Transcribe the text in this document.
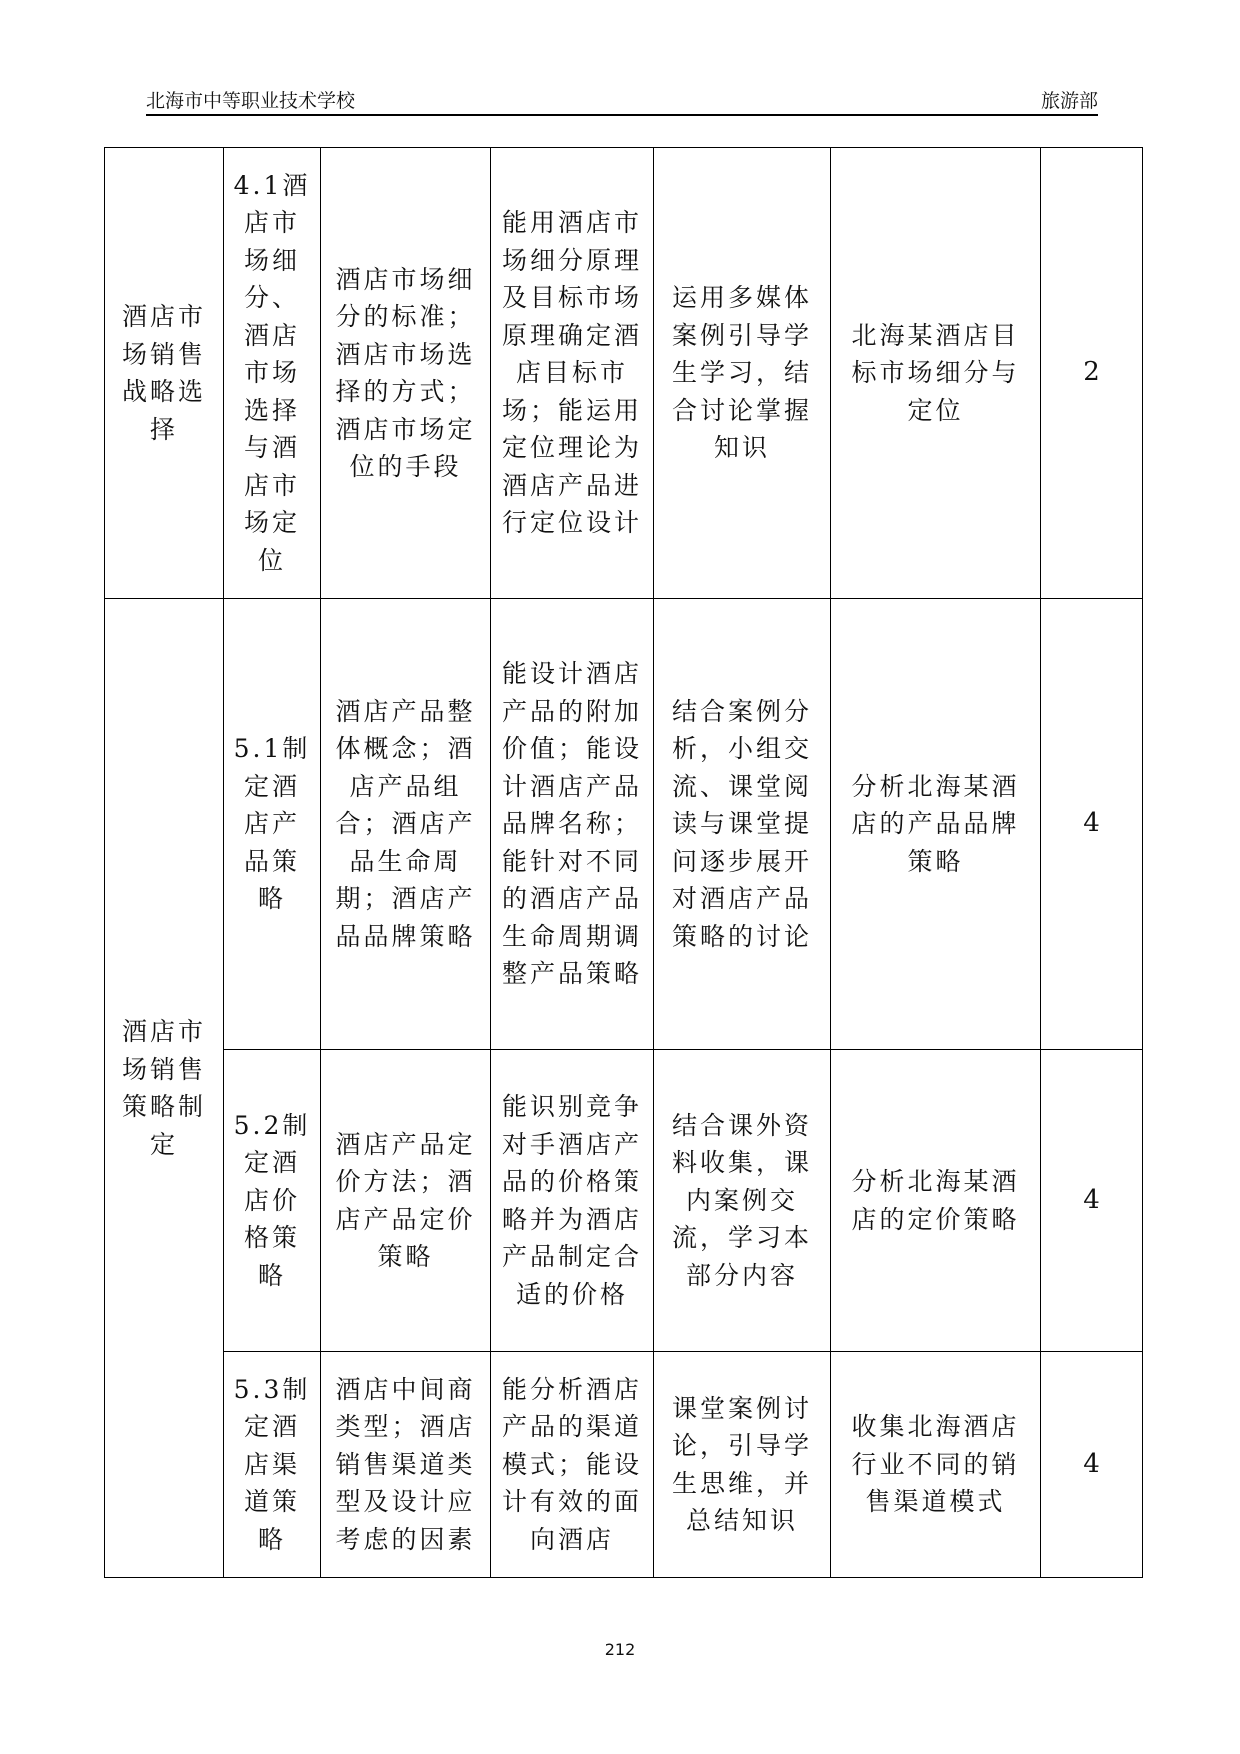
北海市中等职业技术学校	旅游部
酒店市场销售战略选择	4.1酒店市场细分、酒店市场选择与酒店市场定位	酒店市场细分的标准；酒店市场选择的方式；酒店市场定位的手段	能用酒店市场细分原理及目标市场原理确定酒店目标市场；能运用定位理论为酒店产品进行定位设计	运用多媒体案例引导学生学习，结合讨论掌握知识	北海某酒店目标市场细分与定位	2
酒店市场销售策略制定	5.1制定酒店产品策略	酒店产品整体概念；酒店产品组合；酒店产品生命周期；酒店产品品牌策略	能设计酒店产品的附加价值；能设计酒店产品品牌名称；能针对不同的酒店产品生命周期调整产品策略	结合案例分析，小组交流、课堂阅读与课堂提问逐步展开对酒店产品策略的讨论	分析北海某酒店的产品品牌策略	4
	5.2制定酒店价格策略	酒店产品定价方法；酒店产品定价策略	能识别竞争对手酒店产品的价格策略并为酒店产品制定合适的价格	结合课外资料收集，课内案例交流，学习本部分内容	分析北海某酒店的定价策略	4
	5.3制定酒店渠道策略	酒店中间商类型；酒店销售渠道类型及设计应考虑的因素	能分析酒店产品的渠道模式；能设计有效的面向酒店	课堂案例讨论，引导学生思维，并总结知识	收集北海酒店行业不同的销售渠道模式	4
212
